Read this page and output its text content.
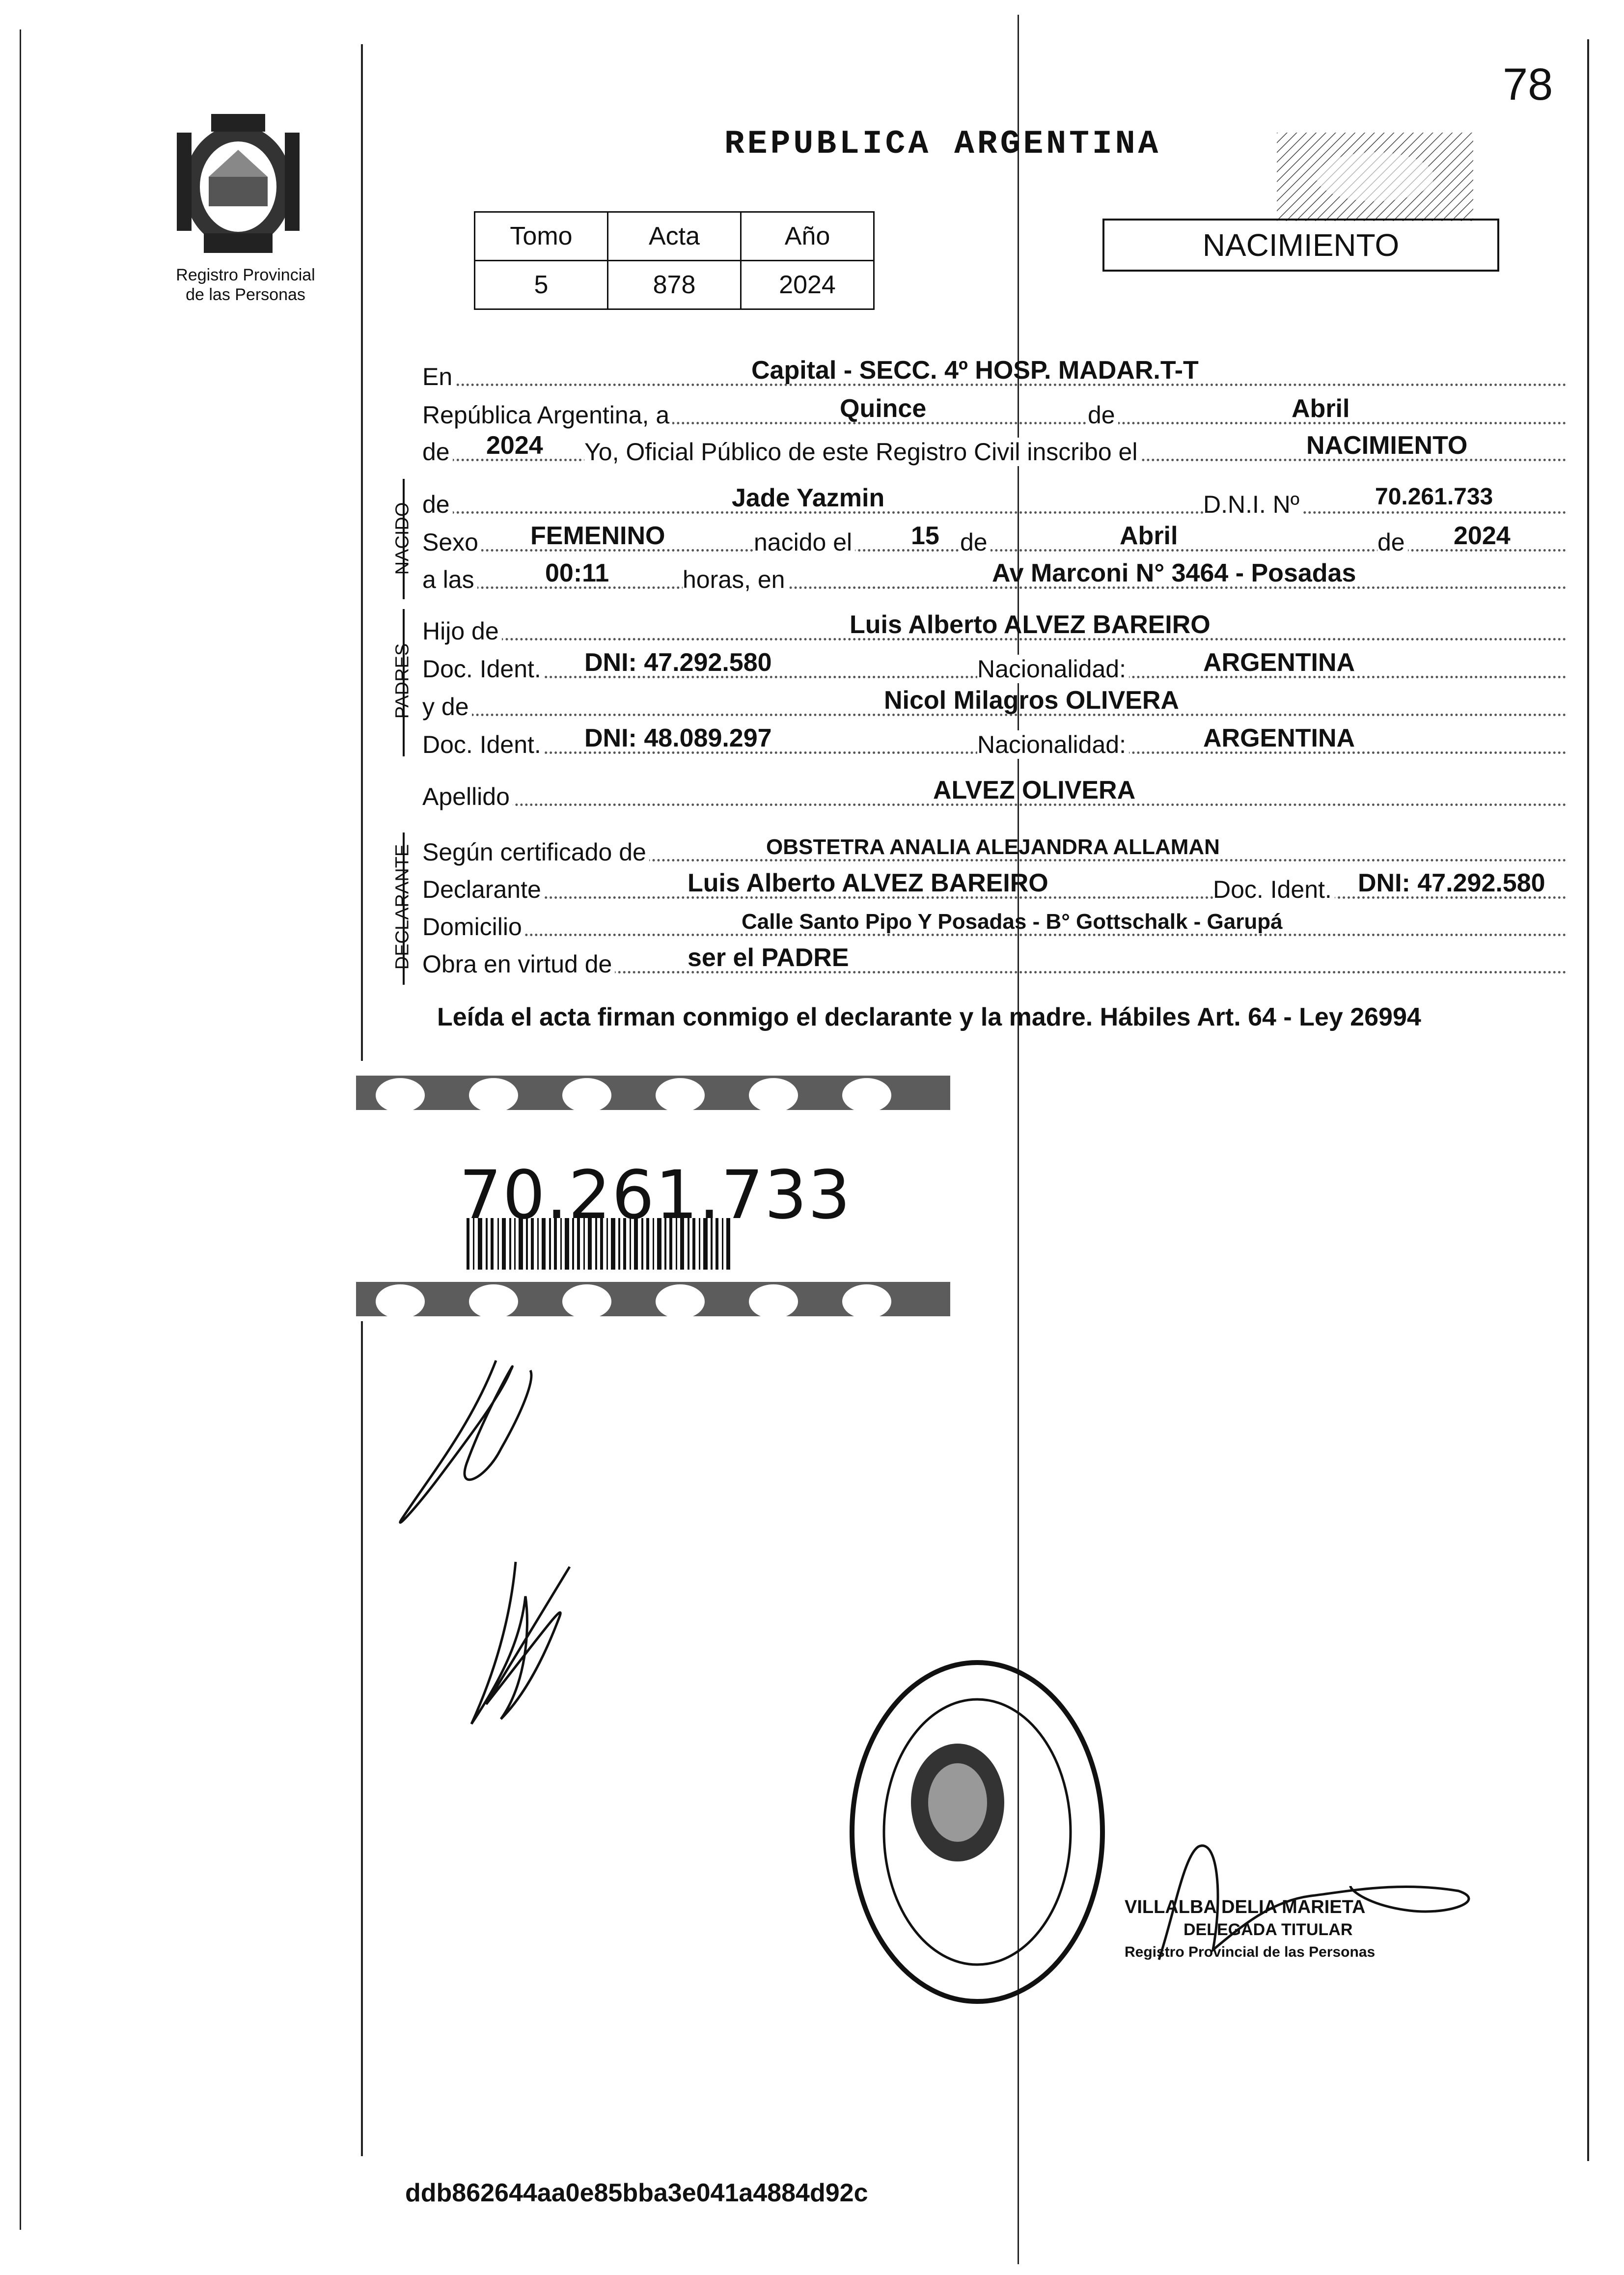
78
Registro Provincial
de las Personas
REPUBLICA ARGENTINA
Tomo	Acta	Año
5	878	2024
NACIMIENTO
En	Capital - SECC. 4º HOSP. MADAR.T-T
República Argentina, a	Quince	de	Abril
de 2024 Yo, Oficial Público de este Registro Civil inscribo el	NACIMIENTO
NACIDO de	Jade Yazmin	D.N.I. Nº	70.261.733
Sexo FEMENINO	nacido el 15 de	Abril	de 2024
a las	00:11	horas, en	Av Marconi N° 3464 - Posadas
PADRES
Hijo de	Luis Alberto ALVEZ BAREIRO
Doc. Ident. DNI: 47.292.580	Nacionalidad:	ARGENTINA
y de	Nicol Milagros OLIVERA
Doc. Ident. DNI: 48.089.297	Nacionalidad:	ARGENTINA
Apellido	ALVEZ OLIVERA
DECLARANTE Según certificado de	OBSTETRA ANALIA ALEJANDRA ALLAMAN
Declarante	Luis Alberto ALVEZ BAREIRO	Doc. Ident. DNI: 47.292.580
Domicilio	Calle Santo Pipo Y Posadas - B° Gottschalk - Garupá
Obra en virtud de	ser el PADRE
Leída el acta firman conmigo el declarante y la madre. Hábiles Art. 64 - Ley 26994
70.261.733
VILLALBA DELIA MARIETA
DELEGADA TITULAR
Registro Provincial de las Personas
ddb862644aa0e85bba3e041a4884d92c
